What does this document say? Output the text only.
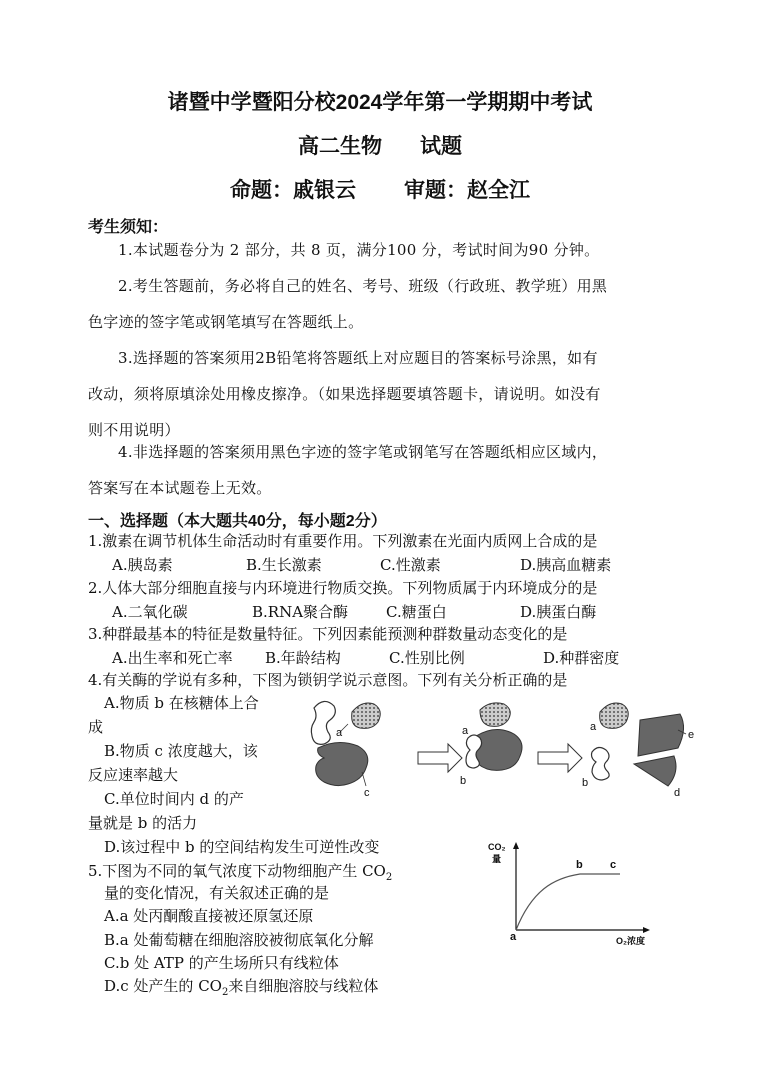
诸暨中学暨阳分校2024学年第一学期期中考试
高二生物 试题
命题：戚银云 审题：赵全江
考生须知：
1.本试题卷分为 2 部分，共 8 页，满分100 分，考试时间为90 分钟。
2.考生答题前，务必将自己的姓名、考号、班级（行政班、教学班）用黑
色字迹的签字笔或钢笔填写在答题纸上。
3.选择题的答案须用2B铅笔将答题纸上对应题目的答案标号涂黑，如有
改动，须将原填涂处用橡皮擦净。（如果选择题要填答题卡，请说明。如没有
则不用说明）
4.非选择题的答案须用黑色字迹的签字笔或钢笔写在答题纸相应区域内，
答案写在本试题卷上无效。
一、选择题（本大题共40分，每小题2分）
1.激素在调节机体生命活动时有重要作用。下列激素在光面内质网上合成的是
A.胰岛素	B.生长激素	C.性激素	D.胰高血糖素
2.人体大部分细胞直接与内环境进行物质交换。下列物质属于内环境成分的是
A.二氧化碳	B.RNA聚合酶	C.糖蛋白	D.胰蛋白酶
3.种群最基本的特征是数量特征。下列因素能预测种群数量动态变化的是
A.出生率和死亡率 B.年龄结构	C.性别比例	D.种群密度
4.有关酶的学说有多种，下图为锁钥学说示意图。下列有关分析正确的是
A.物质 b 在核糖体上合
成
B.物质 c 浓度越大，该
反应速率越大
C.单位时间内 d 的产
量就是 b 的活力
D.该过程中 b 的空间结构发生可逆性改变
a
c
a
b
a
b
e
d
5.下图为不同的氧气浓度下动物细胞产生 $CO_2$
量的变化情况，有关叙述正确的是
A.a 处丙酮酸直接被还原氢还原
B.a 处葡萄糖在细胞溶胶被彻底氧化分解
C.b 处 ATP 的产生场所只有线粒体
D.c 处产生的 $CO_2$来自细胞溶胶与线粒体
CO₂
量
a
b c
O₂浓度
